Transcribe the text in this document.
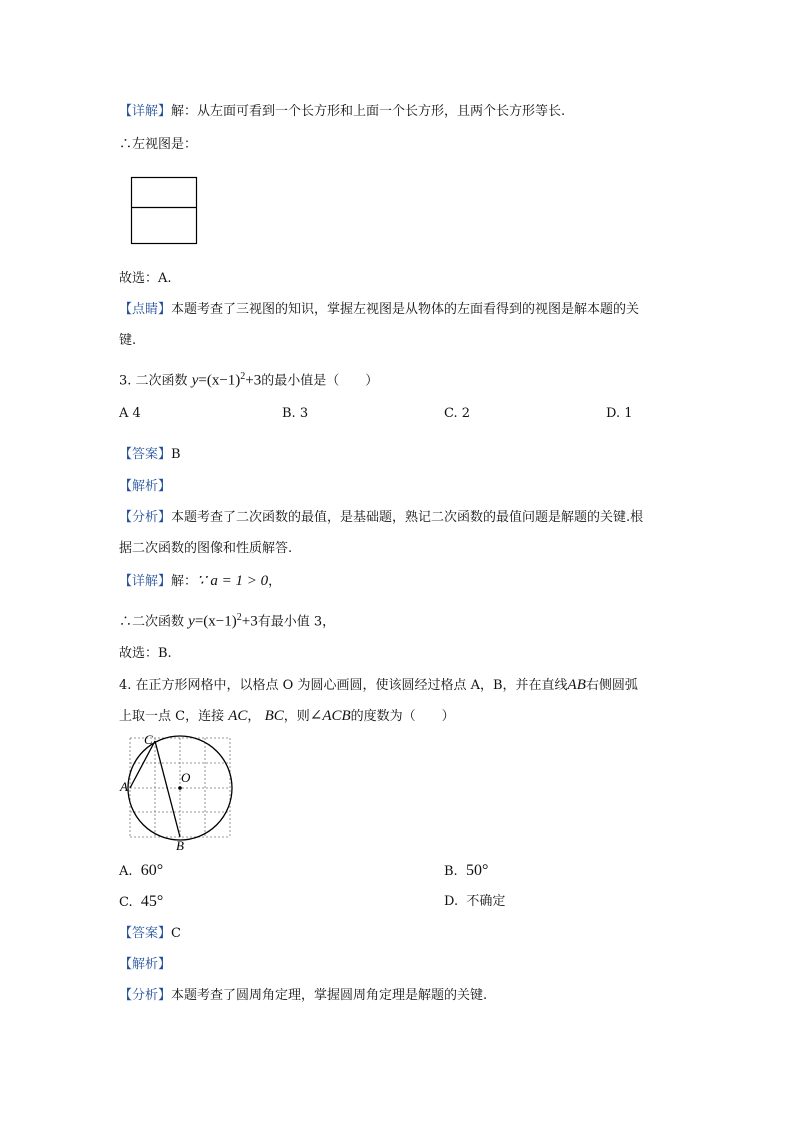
【详解】解：从左面可看到一个长方形和上面一个长方形，且两个长方形等长.
∴左视图是：
故选：A.
【点睛】本题考查了三视图的知识，掌握左视图是从物体的左面看得到的视图是解本题的关
键.
3. 二次函数 $y=(x-1)^2+3$的最小值是（　　）
A 4	B. 3	C. 2	D. 1
【答案】B
【解析】
【分析】本题考查了二次函数的最值，是基础题，熟记二次函数的最值问题是解题的关键.根
据二次函数的图像和性质解答.
【详解】解：∵ a = 1 > 0，
∴二次函数 $y=(x-1)^2+3$有最小值 3，
故选：B.
4. 在正方形网格中，以格点 O 为圆心画圆，使该圆经过格点 A，B，并在直线AB右侧圆弧
上取一点 C，连接 AC， BC，则∠ACB的度数为（　　）
C
O
A
B
A. 60°	B. 50°
C. 45°	D. 不确定
【答案】C
【解析】
【分析】本题考查了圆周角定理，掌握圆周角定理是解题的关键.
